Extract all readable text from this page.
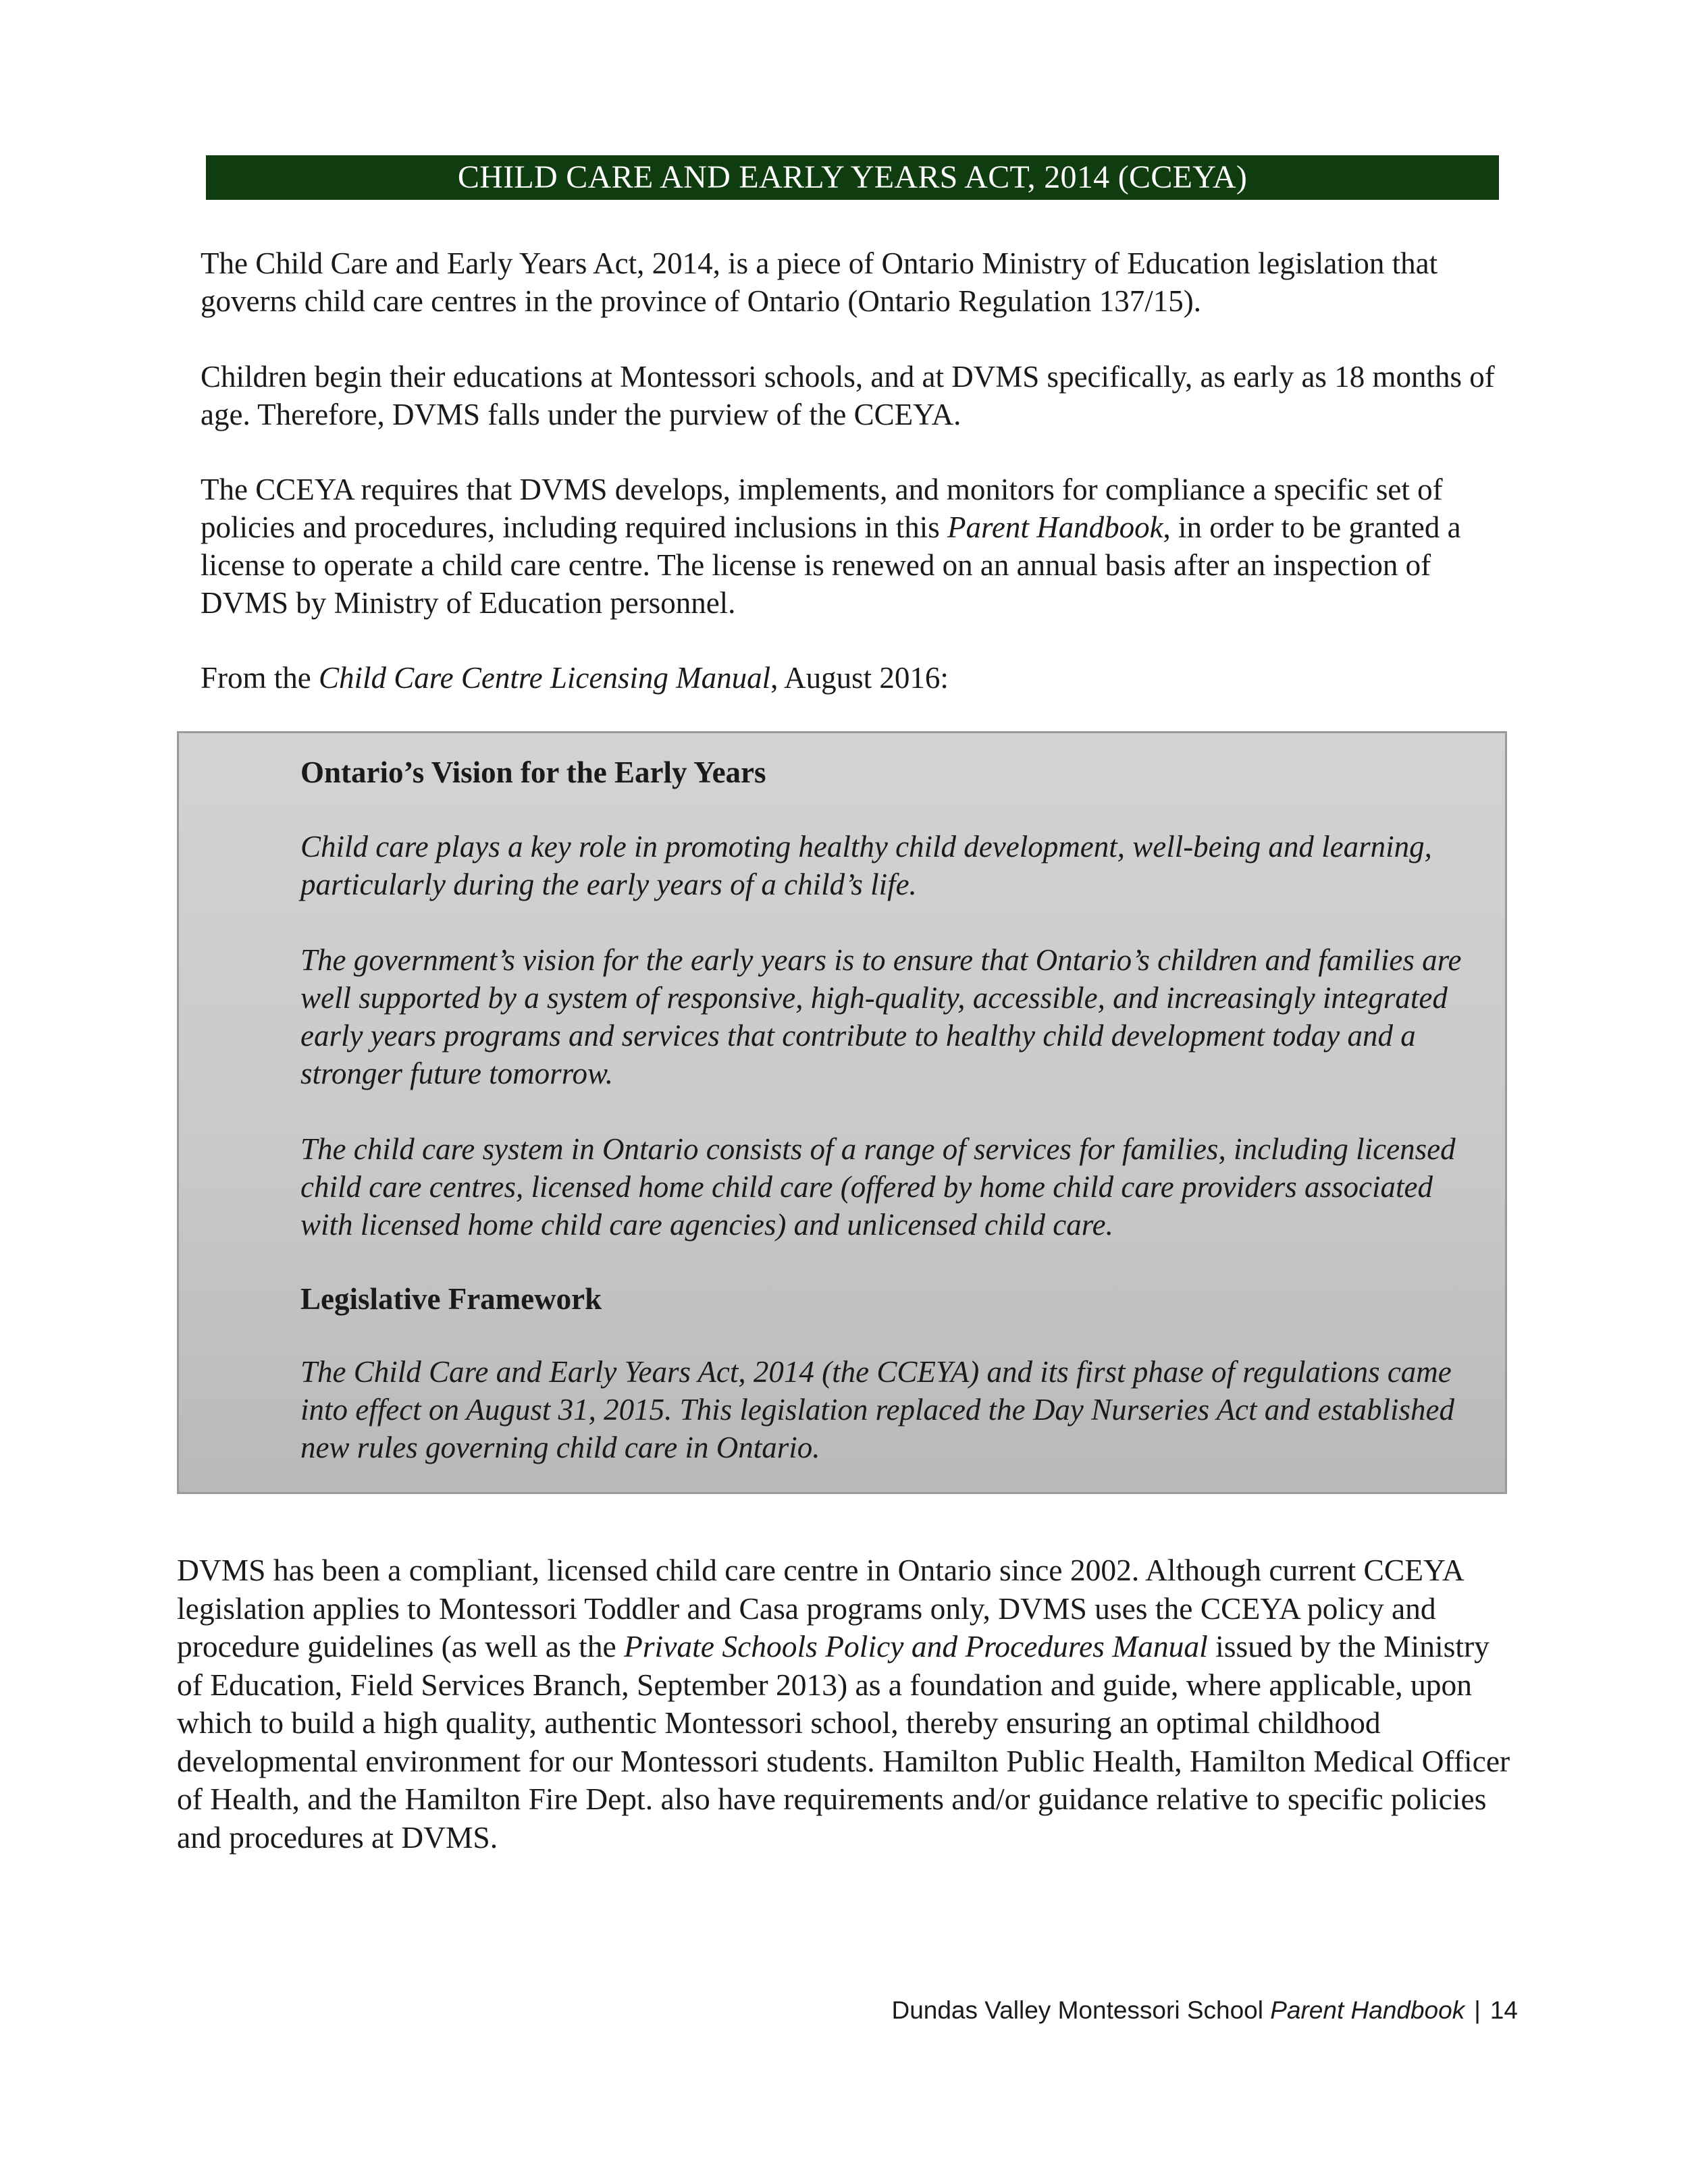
CHILD CARE AND EARLY YEARS ACT, 2014 (CCEYA)

The Child Care and Early Years Act, 2014, is a piece of Ontario Ministry of Education legislation that governs child care centres in the province of Ontario (Ontario Regulation 137/15).

Children begin their educations at Montessori schools, and at DVMS specifically, as early as 18 months of age. Therefore, DVMS falls under the purview of the CCEYA.

The CCEYA requires that DVMS develops, implements, and monitors for compliance a specific set of policies and procedures, including required inclusions in this Parent Handbook, in order to be granted a license to operate a child care centre. The license is renewed on an annual basis after an inspection of DVMS by Ministry of Education personnel.

From the Child Care Centre Licensing Manual, August 2016:

Ontario’s Vision for the Early Years

Child care plays a key role in promoting healthy child development, well-being and learning, particularly during the early years of a child’s life.

The government’s vision for the early years is to ensure that Ontario’s children and families are well supported by a system of responsive, high-quality, accessible, and increasingly integrated early years programs and services that contribute to healthy child development today and a stronger future tomorrow.

The child care system in Ontario consists of a range of services for families, including licensed child care centres, licensed home child care (offered by home child care providers associated with licensed home child care agencies) and unlicensed child care.

Legislative Framework

The Child Care and Early Years Act, 2014 (the CCEYA) and its first phase of regulations came into effect on August 31, 2015. This legislation replaced the Day Nurseries Act and established new rules governing child care in Ontario.

DVMS has been a compliant, licensed child care centre in Ontario since 2002. Although current CCEYA legislation applies to Montessori Toddler and Casa programs only, DVMS uses the CCEYA policy and procedure guidelines (as well as the Private Schools Policy and Procedures Manual issued by the Ministry of Education, Field Services Branch, September 2013) as a foundation and guide, where applicable, upon which to build a high quality, authentic Montessori school, thereby ensuring an optimal childhood developmental environment for our Montessori students. Hamilton Public Health, Hamilton Medical Officer of Health, and the Hamilton Fire Dept. also have requirements and/or guidance relative to specific policies and procedures at DVMS.

Dundas Valley Montessori School Parent Handbook | 14
